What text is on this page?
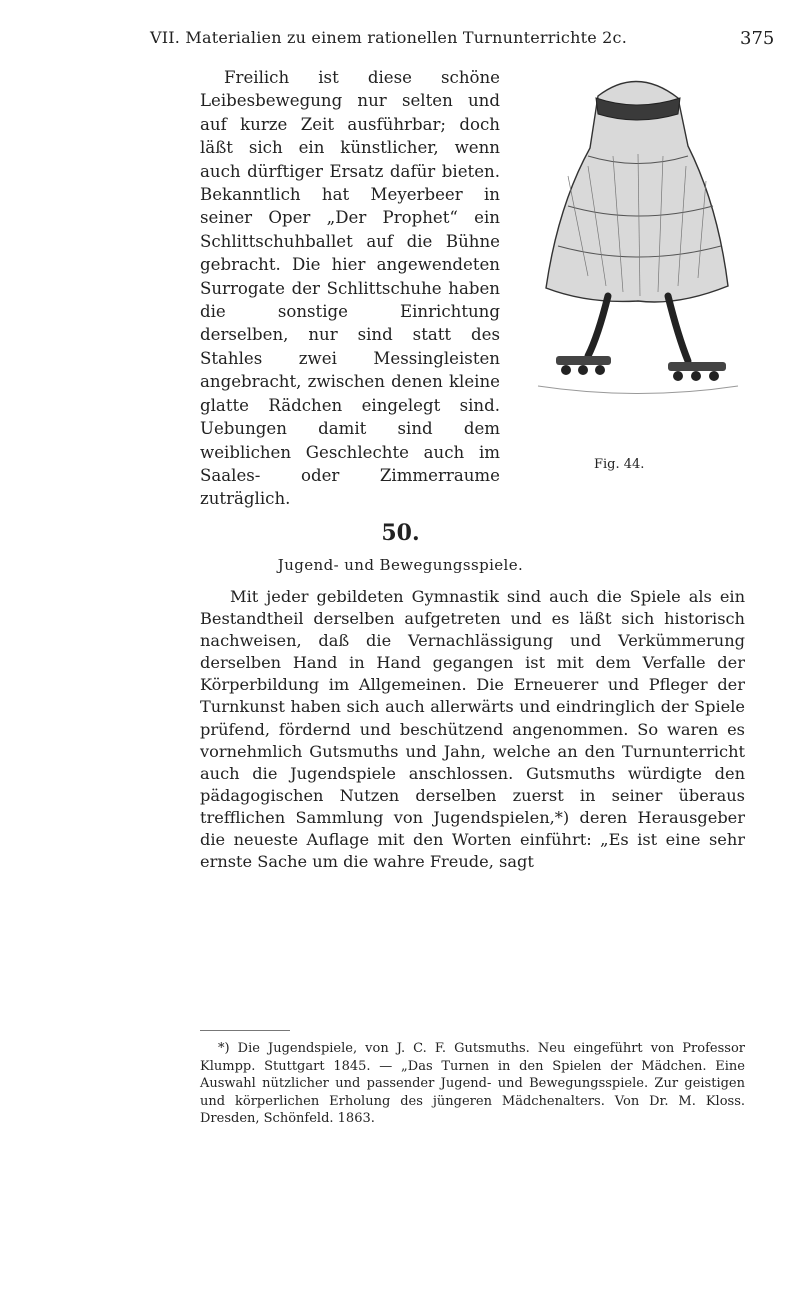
VII. Materialien zu einem rationellen Turnunterrichte 2c.	375

Freilich ist diese schöne Leibesbewegung nur selten und auf kurze Zeit ausführbar; doch läßt sich ein künstlicher, wenn auch dürftiger Ersatz dafür bieten. Bekanntlich hat Meyerbeer in seiner Oper „Der Prophet“ ein Schlittschuhballet auf die Bühne gebracht. Die hier angewendeten Surrogate der Schlittschuhe haben die sonstige Einrichtung derselben, nur sind statt des Stahles zwei Messingleisten angebracht, zwischen denen kleine glatte Rädchen eingelegt sind. Uebungen damit sind dem weiblichen Geschlechte auch im Saales- oder Zimmerraume zuträglich.

Fig. 44.
50.
Jugend- und Bewegungsspiele.

Mit jeder gebildeten Gymnastik sind auch die Spiele als ein Bestandtheil derselben aufgetreten und es läßt sich historisch nachweisen, daß die Vernachlässigung und Verkümmerung derselben Hand in Hand gegangen ist mit dem Verfalle der Körperbildung im Allgemeinen. Die Erneuerer und Pfleger der Turnkunst haben sich auch allerwärts und eindringlich der Spiele prüfend, fördernd und beschützend angenommen. So waren es vornehmlich Gutsmuths und Jahn, welche an den Turnunterricht auch die Jugendspiele anschlossen. Gutsmuths würdigte den pädagogischen Nutzen derselben zuerst in seiner überaus trefflichen Sammlung von Jugendspielen,*) deren Herausgeber die neueste Auflage mit den Worten einführt: „Es ist eine sehr ernste Sache um die wahre Freude, sagt

*) Die Jugendspiele, von J. C. F. Gutsmuths. Neu eingeführt von Professor Klumpp. Stuttgart 1845. — „Das Turnen in den Spielen der Mädchen. Eine Auswahl nützlicher und passender Jugend- und Bewegungsspiele. Zur geistigen und körperlichen Erholung des jüngeren Mädchenalters. Von Dr. M. Kloss. Dresden, Schönfeld. 1863.
